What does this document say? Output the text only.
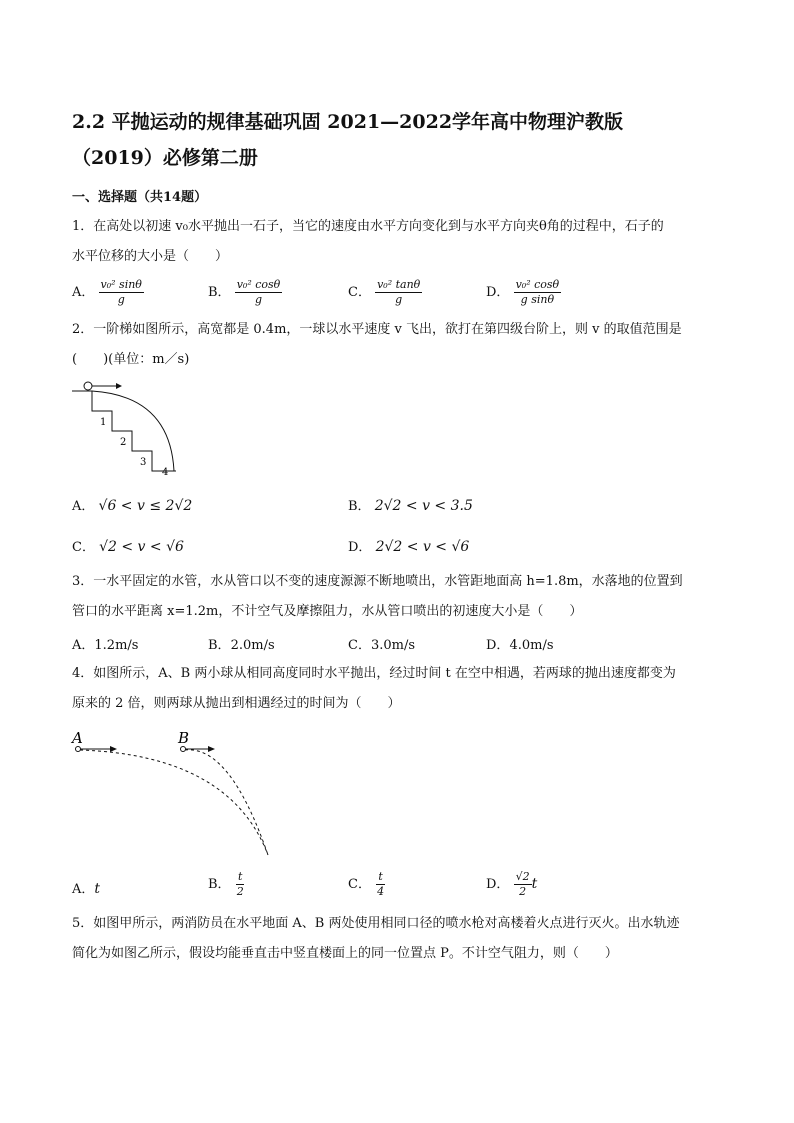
2.2 平抛运动的规律基础巩固 2021—2022学年高中物理沪教版
（2019）必修第二册
一、选择题（共14题）
1．在高处以初速 v₀水平抛出一石子，当它的速度由水平方向变化到与水平方向夹θ角的过程中，石子的
水平位移的大小是（　　）
A． $\frac{\text{v₀² sinθ}}{g}$	B． $\frac{\text{v₀² cosθ}}{g}$	C． $\frac{\text{v₀² tanθ}}{g}$	D． $\frac{\text{v₀² cosθ}}{\text{g sinθ}}$
2．一阶梯如图所示，高宽都是 0.4m，一球以水平速度 v 飞出，欲打在第四级台阶上，则 v 的取值范围是
(　　)(单位：m／s)
1
2
3
4
A． √6 < v ≤ 2√2	B． 2√2 < v < 3.5
C． √2 < v < √6	D． 2√2 < v < √6
3．一水平固定的水管，水从管口以不变的速度源源不断地喷出，水管距地面高 h=1.8m，水落地的位置到
管口的水平距离 x=1.2m，不计空气及摩擦阻力，水从管口喷出的初速度大小是（　　）
A．1.2m/s	B．2.0m/s	C．3.0m/s	D．4.0m/s
4．如图所示，A、B 两小球从相同高度同时水平抛出，经过时间 t 在空中相遇，若两球的抛出速度都变为
原来的 2 倍，则两球从抛出到相遇经过的时间为（　　）
A	B
A．t	B． $\frac{t}{2}$	C． $\frac{t}{4}$	D． $\frac{√2}{2}$ t
5．如图甲所示，两消防员在水平地面 A、B 两处使用相同口径的喷水枪对高楼着火点进行灭火。出水轨迹
简化为如图乙所示，假设均能垂直击中竖直楼面上的同一位置点 P。不计空气阻力，则（　　）
